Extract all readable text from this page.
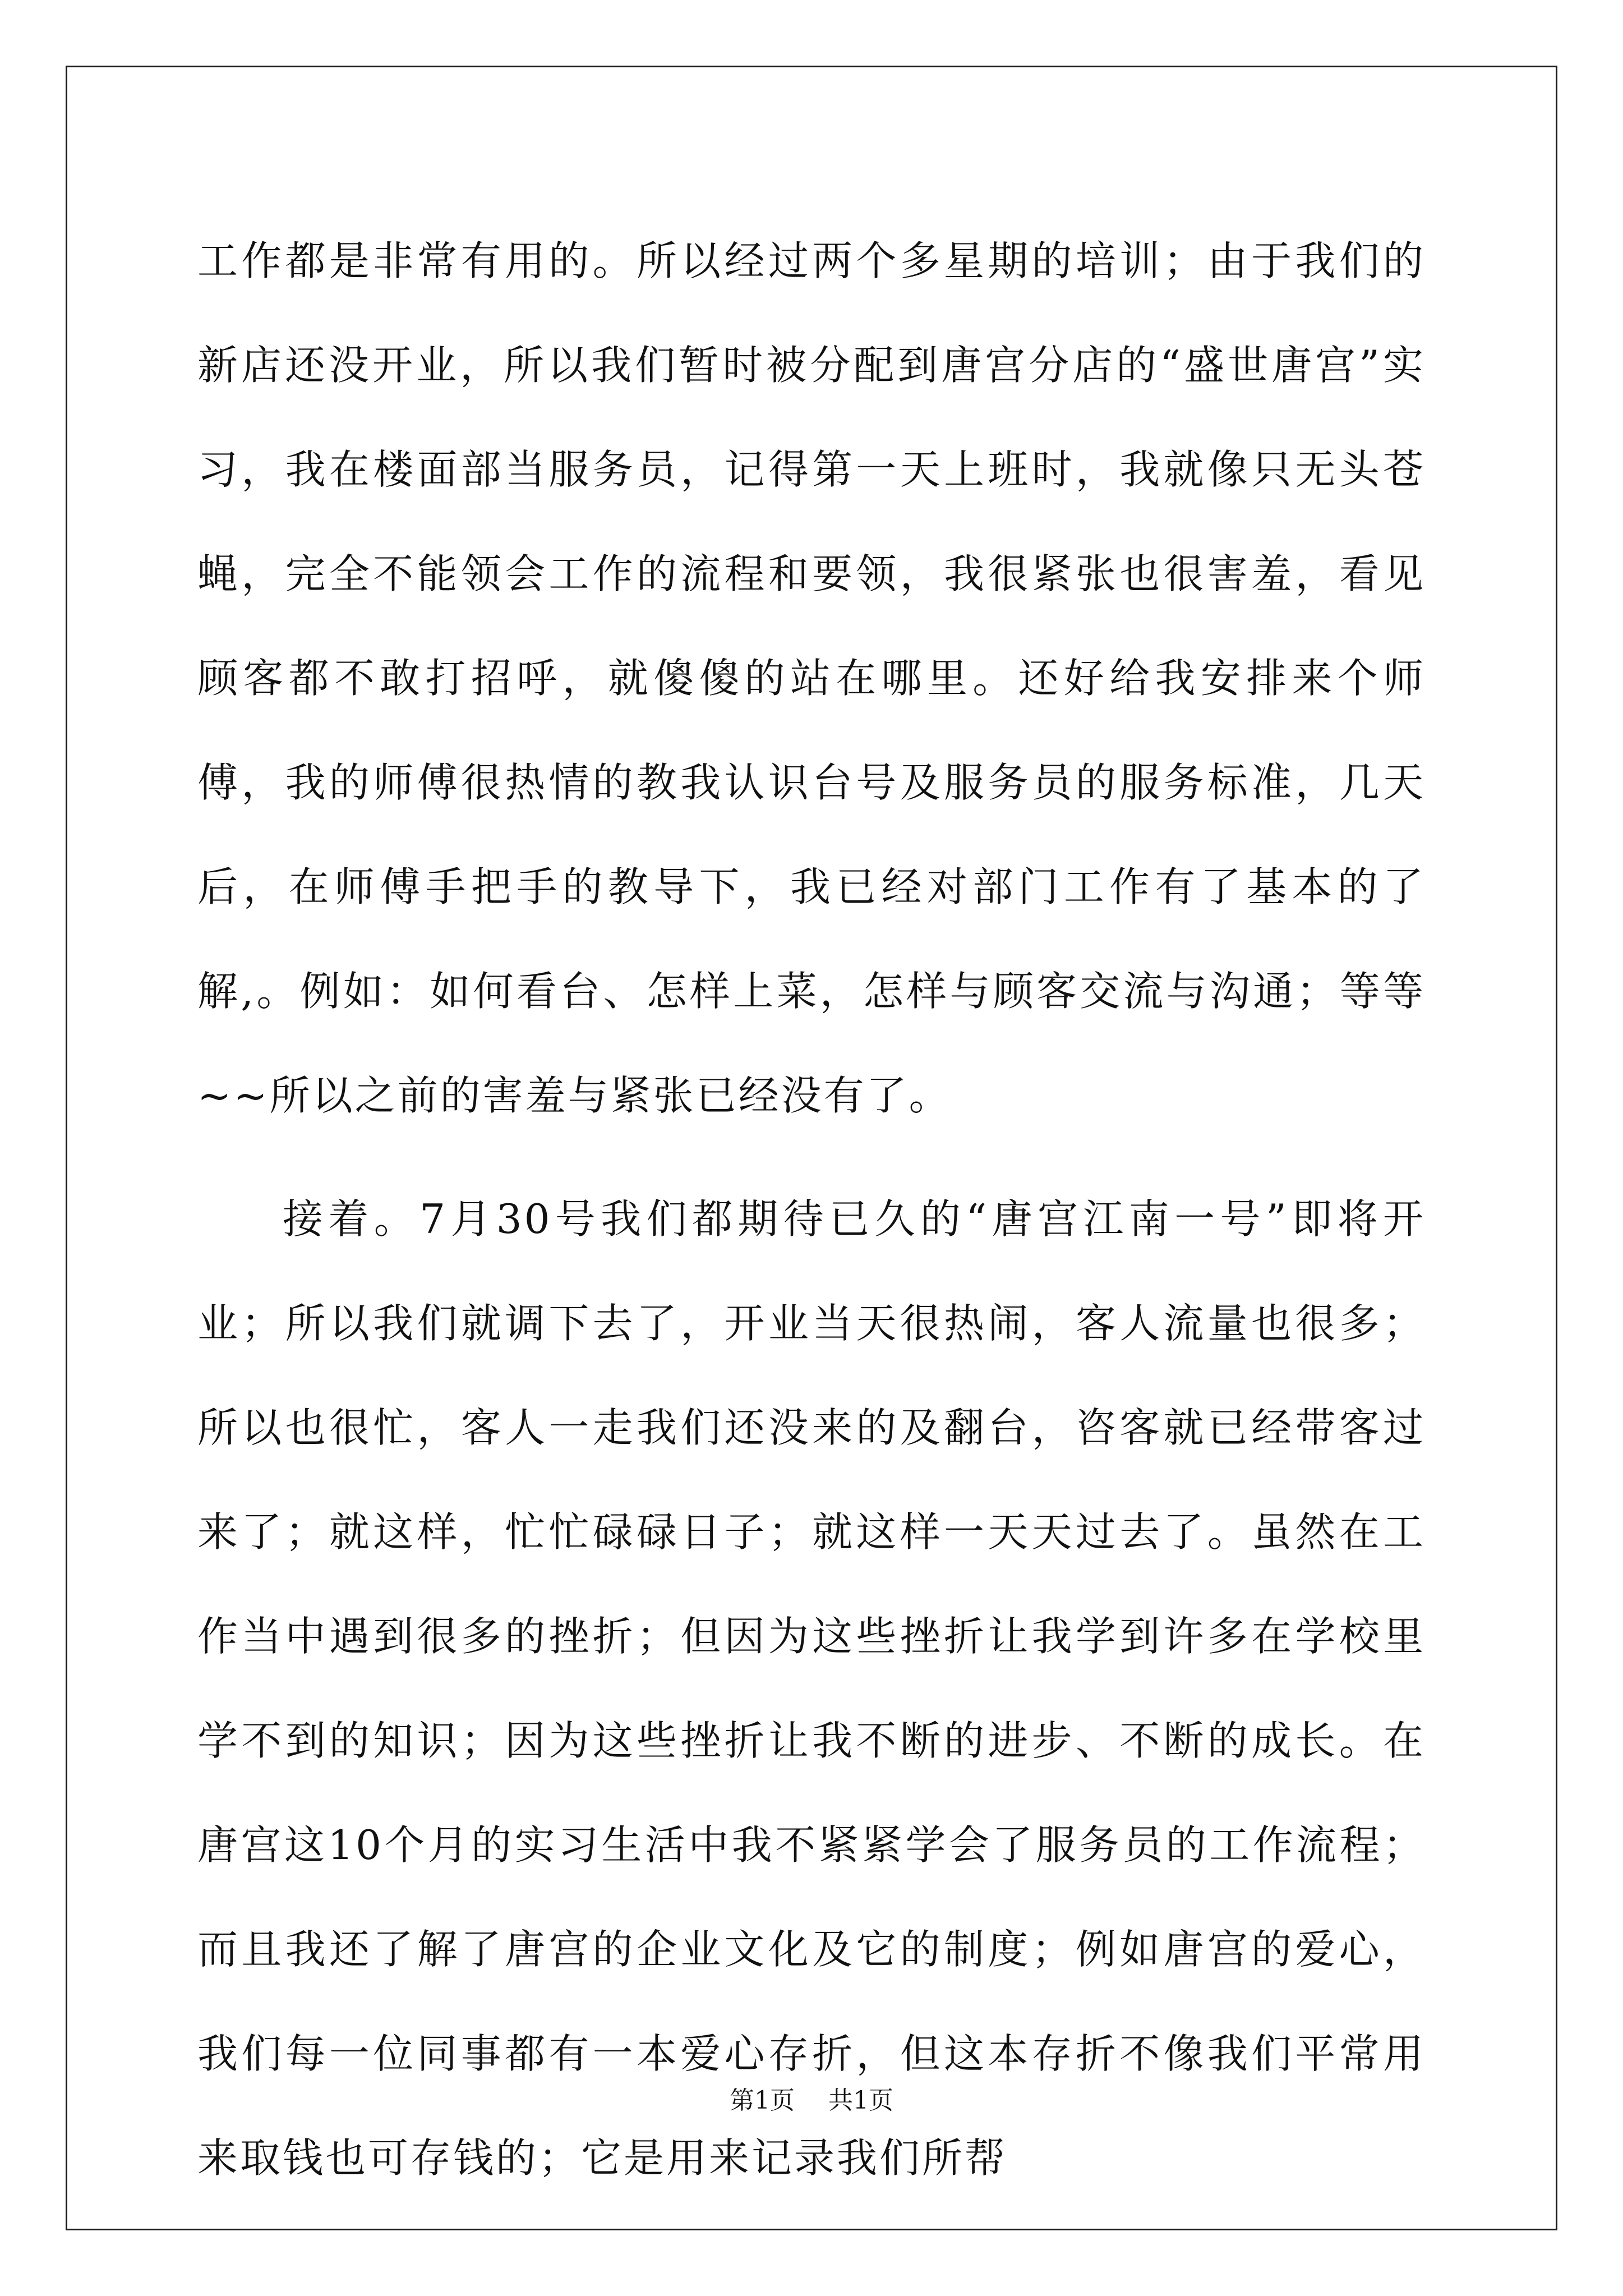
工作都是非常有用的。所以经过两个多星期的培训；由于我们的新店还没开业，所以我们暂时被分配到唐宫分店的“盛世唐宫”实习，我在楼面部当服务员，记得第一天上班时，我就像只无头苍蝇，完全不能领会工作的流程和要领，我很紧张也很害羞，看见顾客都不敢打招呼，就傻傻的站在哪里。还好给我安排来个师傅，我的师傅很热情的教我认识台号及服务员的服务标准，几天后，在师傅手把手的教导下，我已经对部门工作有了基本的了解,。例如：如何看台、怎样上菜，怎样与顾客交流与沟通；等等~~所以之前的害羞与紧张已经没有了。

接着。7月30号我们都期待已久的“唐宫江南一号”即将开业；所以我们就调下去了，开业当天很热闹，客人流量也很多；所以也很忙，客人一走我们还没来的及翻台，咨客就已经带客过来了；就这样，忙忙碌碌日子；就这样一天天过去了。虽然在工作当中遇到很多的挫折；但因为这些挫折让我学到许多在学校里学不到的知识；因为这些挫折让我不断的进步、不断的成长。在唐宫这10个月的实习生活中我不紧紧学会了服务员的工作流程；而且我还了解了唐宫的企业文化及它的制度；例如唐宫的爱心，我们每一位同事都有一本爱心存折，但这本存折不像我们平常用来取钱也可存钱的；它是用来记录我们所帮

第1页 共1页
